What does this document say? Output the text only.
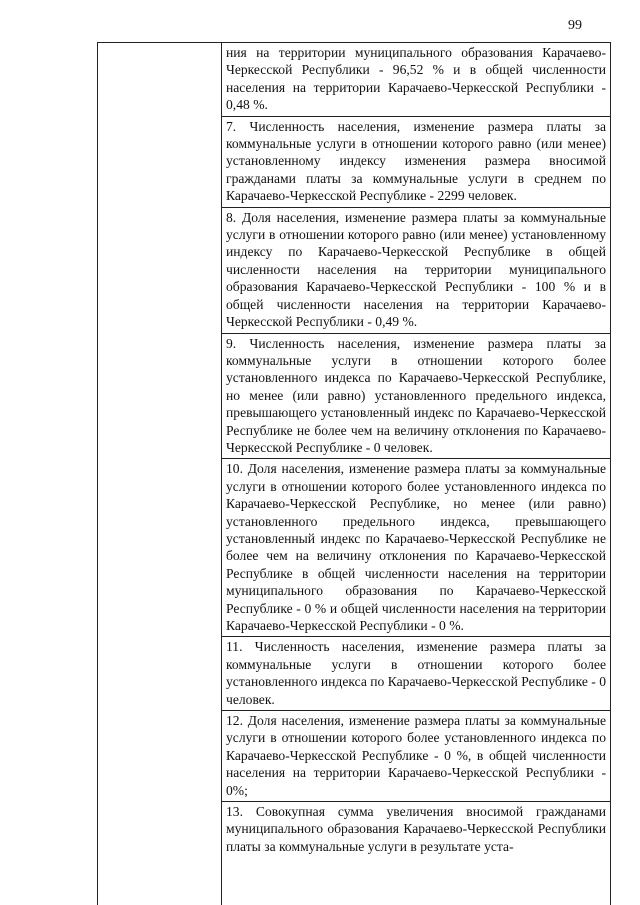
99
ния на территории муниципального образования Карачаево-Черкесской Республики - 96,52 % и в общей численности населения на территории Карачаево-Черкесской Республики - 0,48 %.
7. Численность населения, изменение размера платы за коммунальные услуги в отношении которого равно (или менее) установленному индексу изменения размера вносимой гражданами платы за коммунальные услуги в среднем по Карачаево-Черкесской Республике - 2299 человек.
8. Доля населения, изменение размера платы за коммунальные услуги в отношении которого равно (или менее) установленному индексу по Карачаево-Черкесской Республике в общей численности населения на территории муниципального образования Карачаево-Черкесской Республики - 100 % и в общей численности населения на территории Карачаево-Черкесской Республики - 0,49 %.
9. Численность населения, изменение размера платы за коммунальные услуги в отношении которого более установленного индекса по Карачаево-Черкесской Республике, но менее (или равно) установленного предельного индекса, превышающего установленный индекс по Карачаево-Черкесской Республике не более чем на величину отклонения по Карачаево-Черкесской Республике - 0 человек.
10. Доля населения, изменение размера платы за коммунальные услуги в отношении которого более установленного индекса по Карачаево-Черкесской Республике, но менее (или равно) установленного предельного индекса, превышающего установленный индекс по Карачаево-Черкесской Республике не более чем на величину отклонения по Карачаево-Черкесской Республике в общей численности населения на территории муниципального образования по Карачаево-Черкесской Республике - 0 % и общей численности населения на территории Карачаево-Черкесской Республики - 0 %.
11. Численность населения, изменение размера платы за коммунальные услуги в отношении которого более установленного индекса по Карачаево-Черкесской Республике - 0 человек.
12. Доля населения, изменение размера платы за коммунальные услуги в отношении которого более установленного индекса по Карачаево-Черкесской Республике - 0 %, в общей численности населения на территории Карачаево-Черкесской Республики - 0%;
13. Совокупная сумма увеличения вносимой гражданами муниципального образования Карачаево-Черкесской Республики платы за коммунальные услуги в результате уста-
